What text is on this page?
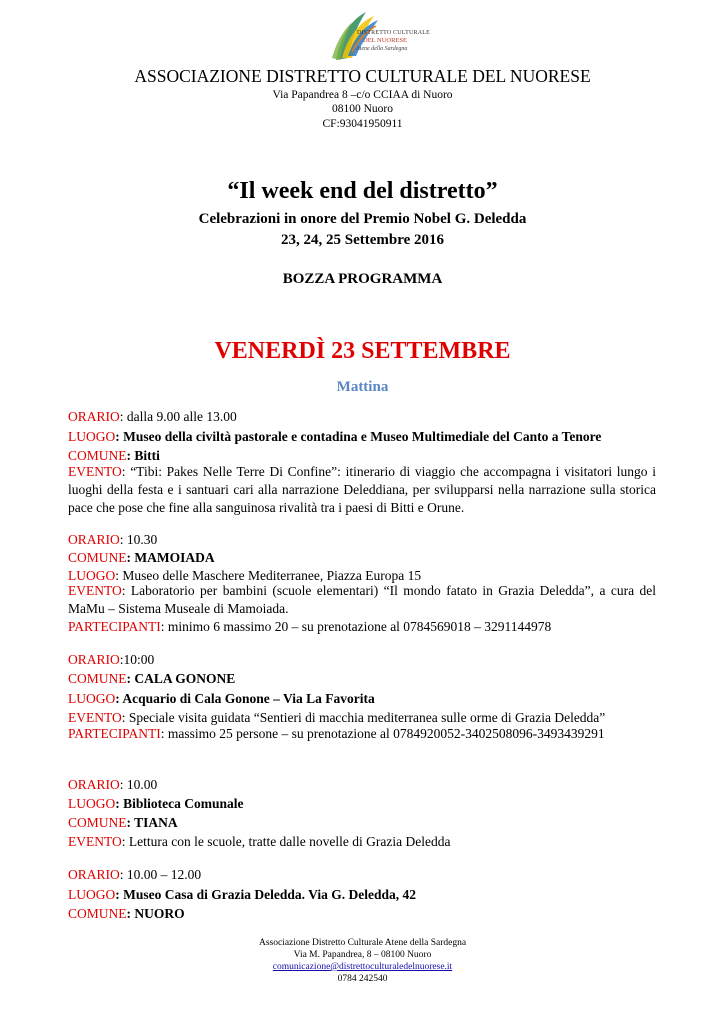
DISTRETTO CULTURALE
DEL NUORESE
Atene della Sardegna
ASSOCIAZIONE DISTRETTO CULTURALE DEL NUORESE
Via Papandrea 8 –c/o CCIAA di Nuoro
08100 Nuoro
CF:93041950911
“Il week end del distretto”
Celebrazioni in onore del Premio Nobel G. Deledda
23, 24, 25 Settembre 2016
BOZZA PROGRAMMA
VENERDÌ 23 SETTEMBRE
Mattina
ORARIO: dalla 9.00 alle 13.00
LUOGO: Museo della civiltà pastorale e contadina e Museo Multimediale del Canto a Tenore
COMUNE: Bitti
EVENTO: “Tibi: Pakes Nelle Terre Di Confine”: itinerario di viaggio che accompagna i visitatori lungo i luoghi della festa e i santuari cari alla narrazione Deleddiana, per svilupparsi nella narrazione sulla storica pace che pose che fine alla sanguinosa rivalità tra i paesi di Bitti e Orune.
ORARIO: 10.30
COMUNE: MAMOIADA
LUOGO: Museo delle Maschere Mediterranee, Piazza Europa 15
EVENTO: Laboratorio per bambini (scuole elementari) “Il mondo fatato in Grazia Deledda”, a cura del MaMu – Sistema Museale di Mamoiada.
PARTECIPANTI: minimo 6 massimo 20 – su prenotazione al 0784569018 – 3291144978
ORARIO:10:00
COMUNE: CALA GONONE
LUOGO: Acquario di Cala Gonone – Via La Favorita
EVENTO: Speciale visita guidata “Sentieri di macchia mediterranea sulle orme di Grazia Deledda”
PARTECIPANTI: massimo 25 persone – su prenotazione al 0784920052-3402508096-3493439291
ORARIO: 10.00
LUOGO: Biblioteca Comunale
COMUNE: TIANA
EVENTO: Lettura con le scuole, tratte dalle novelle di Grazia Deledda
ORARIO: 10.00 – 12.00
LUOGO: Museo Casa di Grazia Deledda. Via G. Deledda, 42
COMUNE: NUORO
Associazione Distretto Culturale Atene della Sardegna
Via M. Papandrea, 8 – 08100 Nuoro
comunicazione@distrettoculturaledelnuorese.it
0784 242540
